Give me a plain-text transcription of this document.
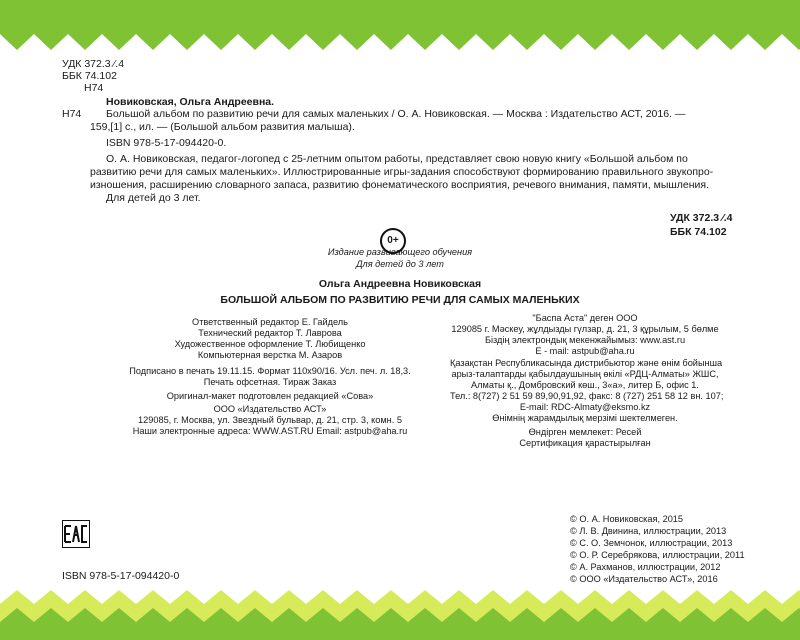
УДК 372.3 ⁄.4
ББК 74.102
Н74
Новиковская, Ольга Андреевна.
Н74 Большой альбом по развитию речи для самых маленьких / О. А. Новиковская. — Москва : Издательство АСТ, 2016. —
159,[1] с., ил. — (Большой альбом развития малыша).
ISBN 978-5-17-094420-0.
О. А. Новиковская, педагог-логопед с 25-летним опытом работы, представляет свою новую книгу «Большой альбом по
развитию речи для самых маленьких». Иллюстрированные игры-задания способствуют формированию правильного звукопро-
изношения, расширению словарного запаса, развитию фонематического восприятия, речевого внимания, памяти, мышления.
Для детей до 3 лет.
УДК 372.3 ⁄.4
ББК 74.102
0+
Издание развивающего обучения
Для детей до 3 лет
Ольга Андреевна Новиковская
БОЛЬШОЙ АЛЬБОМ ПО РАЗВИТИЮ РЕЧИ ДЛЯ САМЫХ МАЛЕНЬКИХ
Ответственный редактор Е. Гайдель
Технический редактор Т. Лаврова
Художественное оформление Т. Любищенко
Компьютерная верстка М. Азаров
Подписано в печать 19.11.15. Формат 110х90/16. Усл. печ. л. 18,3.
Печать офсетная. Тираж Заказ
Оригинал-макет подготовлен редакцией «Сова»
ООО «Издательство АСТ»
129085, г. Москва, ул. Звездный бульвар, д. 21, стр. 3, комн. 5
Наши электронные адреса: WWW.AST.RU Email: astpub@aha.ru
"Баспа Аста" деген ООО
129085 г. Мәскеу, жұлдызды гүлзар, д. 21, 3 құрылым, 5 бөлме
Біздің электрондық мекенжайымыз: www.ast.ru
E - mail: astpub@aha.ru
Қазақстан Республикасында дистрибьютор және өнім бойынша
арыз-талаптарды қабылдаушының өкілі «РДЦ-Алматы» ЖШС,
Алматы қ., Домбровский көш., 3«а», литер Б, офис 1.
Тел.: 8(727) 2 51 59 89,90,91,92, факс: 8 (727) 251 58 12 вн. 107;
E-mail: RDC-Almaty@eksmo.kz
Өнімнің жарамдылық мерзімі шектелмеген.
Өндірген мемлекет: Ресей
Сертификация қарастырылған
ISBN 978-5-17-094420-0
© О. А. Новиковская, 2015
© Л. В. Двинина, иллюстрации, 2013
© С. О. Земчонок, иллюстрации, 2013
© О. Р. Серебрякова, иллюстрации, 2011
© А. Рахманов, иллюстрации, 2012
© ООО «Издательство АСТ», 2016
